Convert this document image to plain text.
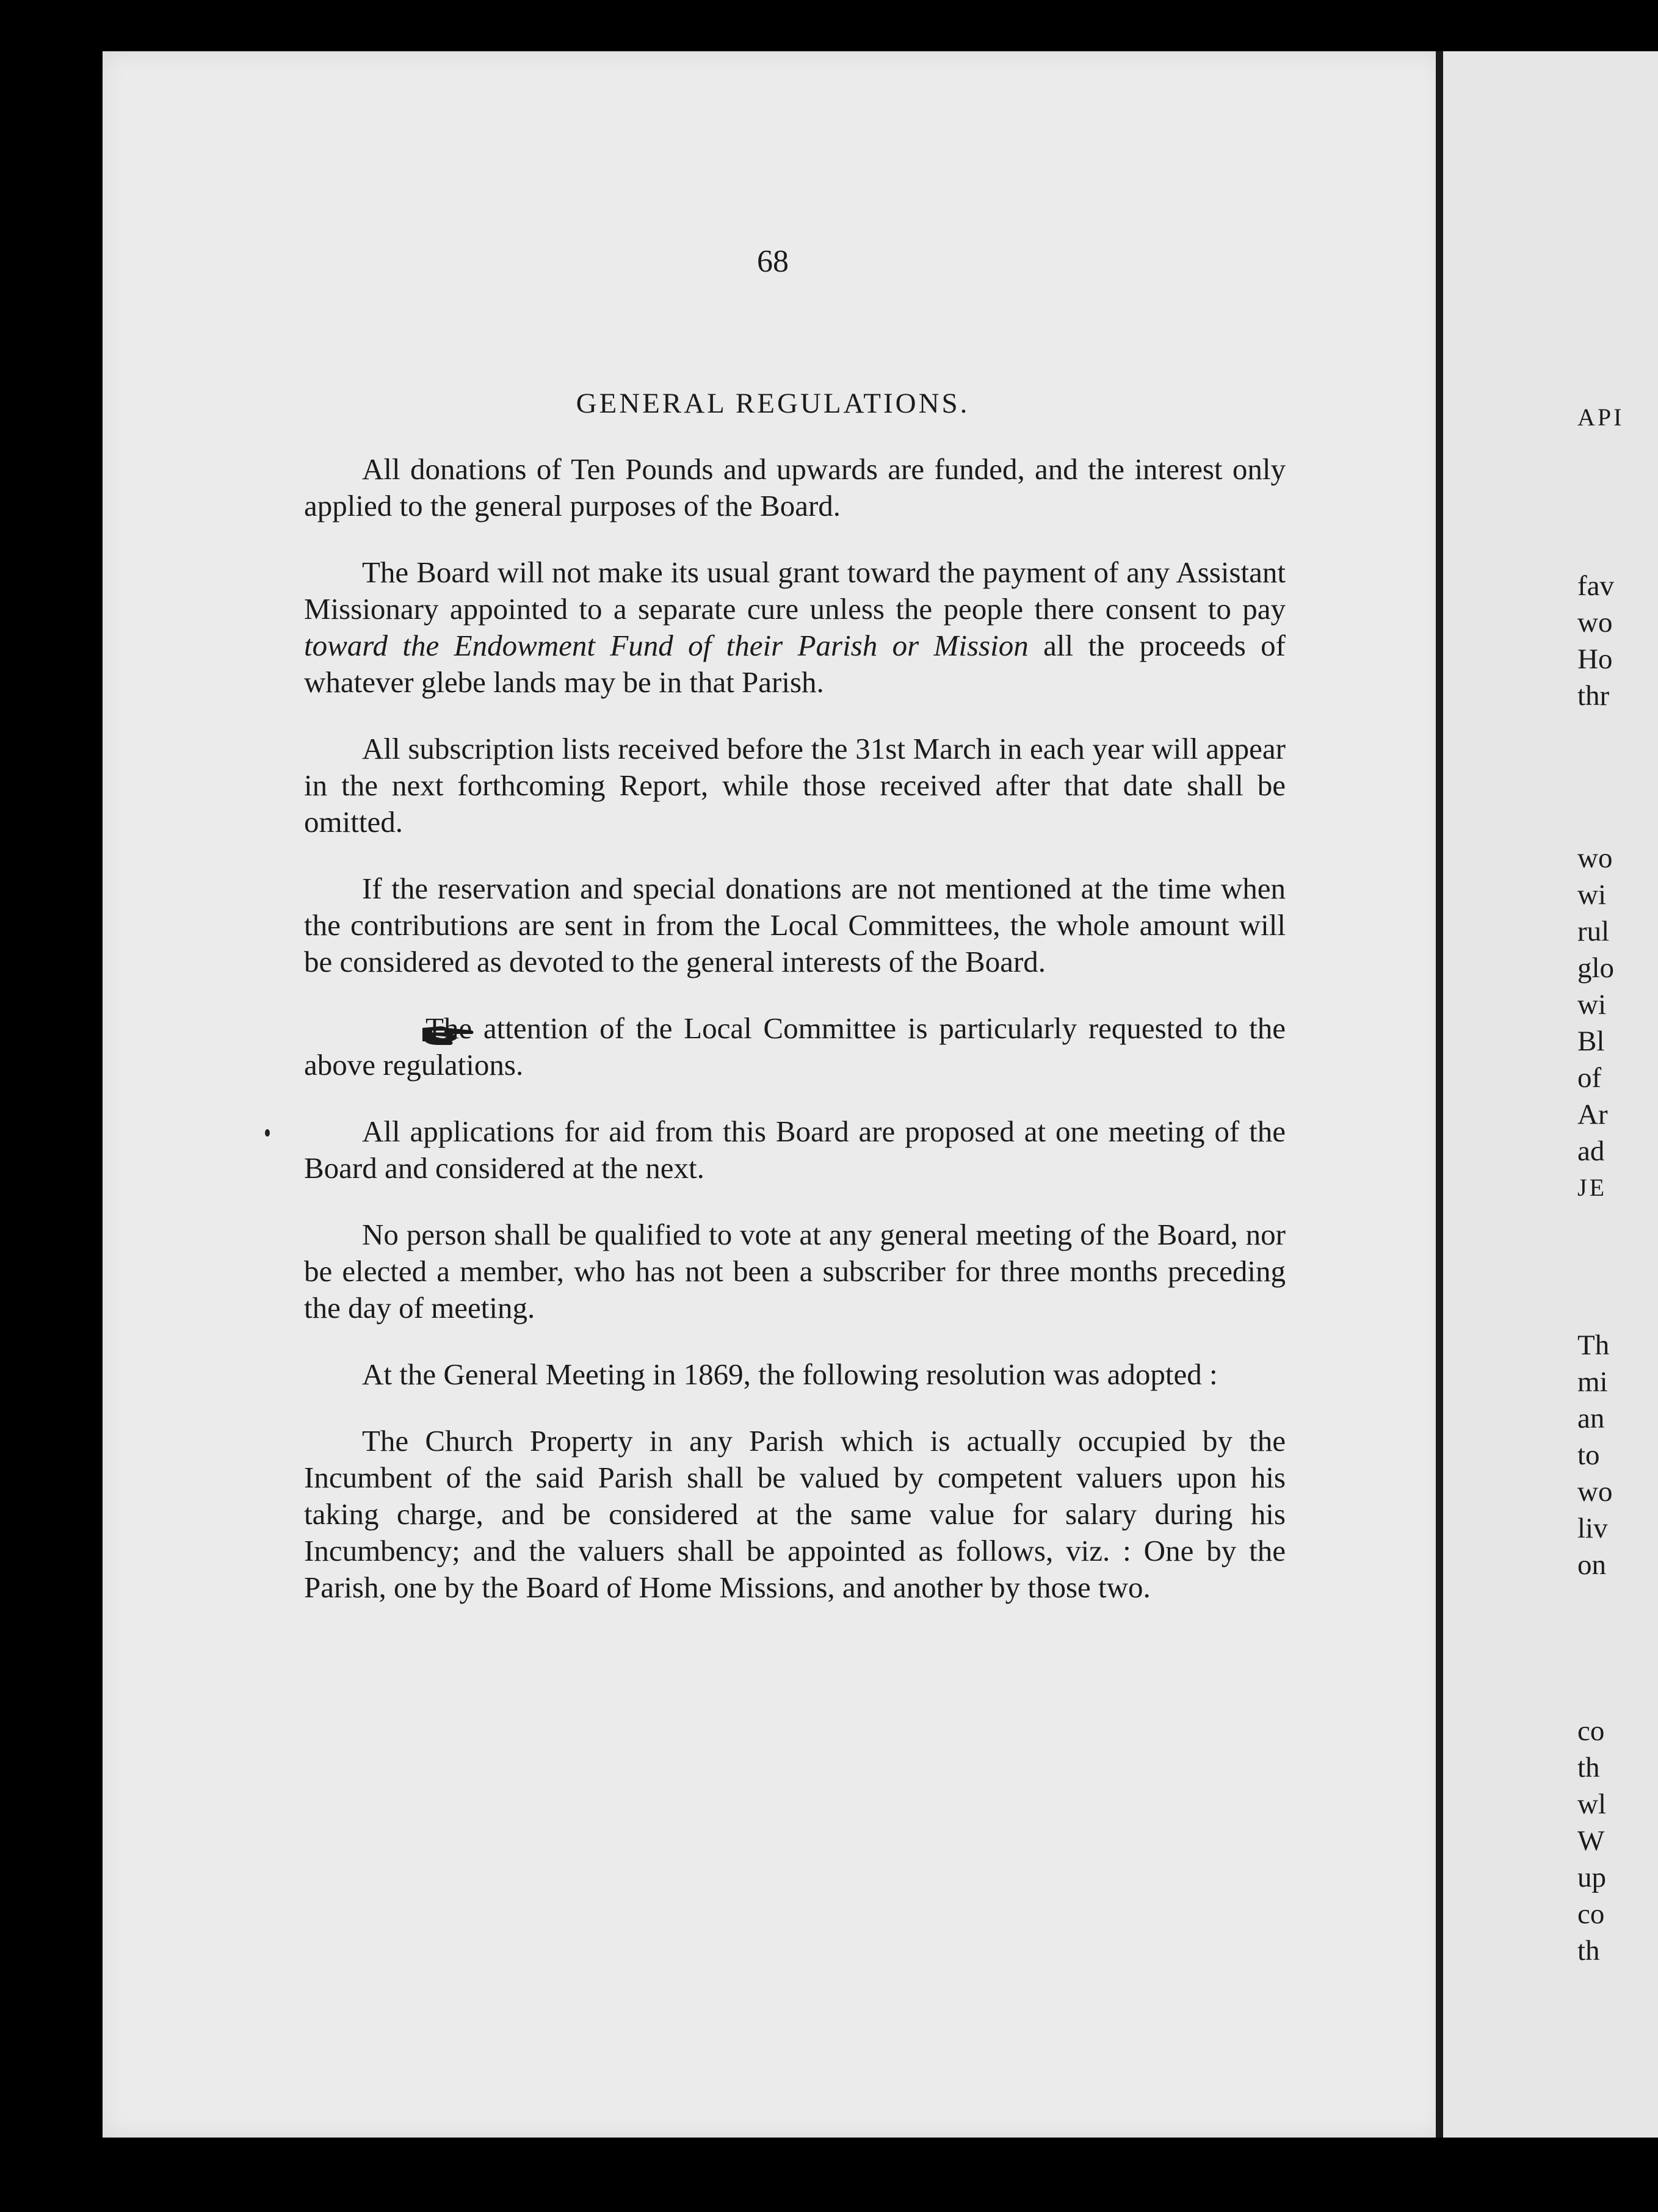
68
GENERAL REGULATIONS.

All donations of Ten Pounds and upwards are funded, and the interest only applied to the general purposes of the Board.

The Board will not make its usual grant toward the payment of any Assistant Missionary appointed to a separate cure unless the people there consent to pay toward the Endowment Fund of their Parish or Mission all the proceeds of whatever glebe lands may be in that Parish.

All subscription lists received before the 31st March in each year will appear in the next forthcoming Report, while those received after that date shall be omitted.

If the reservation and special donations are not mentioned at the time when the contributions are sent in from the Local Committees, the whole amount will be considered as devoted to the general interests of the Board.

The attention of the Local Committee is particularly requested to the above regulations.

All applications for aid from this Board are proposed at one meeting of the Board and considered at the next.

No person shall be qualified to vote at any general meeting of the Board, nor be elected a member, who has not been a subscriber for three months preceding the day of meeting.

At the General Meeting in 1869, the following resolution was adopted :

The Church Property in any Parish which is actually occupied by the Incumbent of the said Parish shall be valued by competent valuers upon his taking charge, and be considered at the same value for salary during his Incumbency; and the valuers shall be appointed as follows, viz. : One by the Parish, one by the Board of Home Missions, and another by those two.

API
fav
wo
Ho
thr
wo
wi
rul
glo
wi
Bl
of
Ar
ad
JE
Th
mi
an
to
wo
liv
on
co
th
wl
W
up
co
th
